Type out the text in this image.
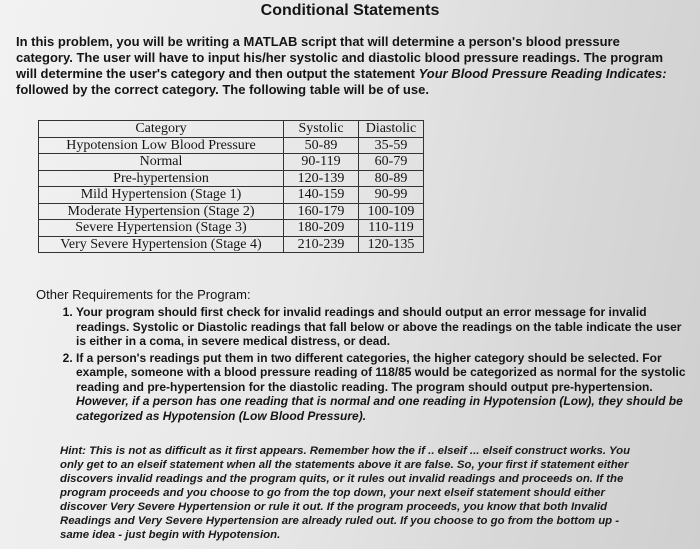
Conditional Statements

In this problem, you will be writing a MATLAB script that will determine a person's blood pressure category. The user will have to input his/her systolic and diastolic blood pressure readings. The program will determine the user's category and then output the statement Your Blood Pressure Reading Indicates: followed by the correct category. The following table will be of use.

Category	Systolic	Diastolic
Hypotension Low Blood Pressure	50-89	35-59
Normal	90-119	60-79
Pre-hypertension	120-139	80-89
Mild Hypertension (Stage 1)	140-159	90-99
Moderate Hypertension (Stage 2)	160-179	100-109
Severe Hypertension (Stage 3)	180-209	110-119
Very Severe Hypertension (Stage 4)	210-239	120-135

Other Requirements for the Program:

1. Your program should first check for invalid readings and should output an error message for invalid readings. Systolic or Diastolic readings that fall below or above the readings on the table indicate the user is either in a coma, in severe medical distress, or dead.
2. If a person's readings put them in two different categories, the higher category should be selected. For example, someone with a blood pressure reading of 118/85 would be categorized as normal for the systolic reading and pre-hypertension for the diastolic reading. The program should output pre-hypertension. However, if a person has one reading that is normal and one reading in Hypotension (Low), they should be categorized as Hypotension (Low Blood Pressure).

Hint: This is not as difficult as it first appears. Remember how the if .. elseif ... elseif construct works. You only get to an elseif statement when all the statements above it are false. So, your first if statement either discovers invalid readings and the program quits, or it rules out invalid readings and proceeds on. If the program proceeds and you choose to go from the top down, your next elseif statement should either discover Very Severe Hypertension or rule it out. If the program proceeds, you know that both Invalid Readings and Very Severe Hypertension are already ruled out. If you choose to go from the bottom up - same idea - just begin with Hypotension.
